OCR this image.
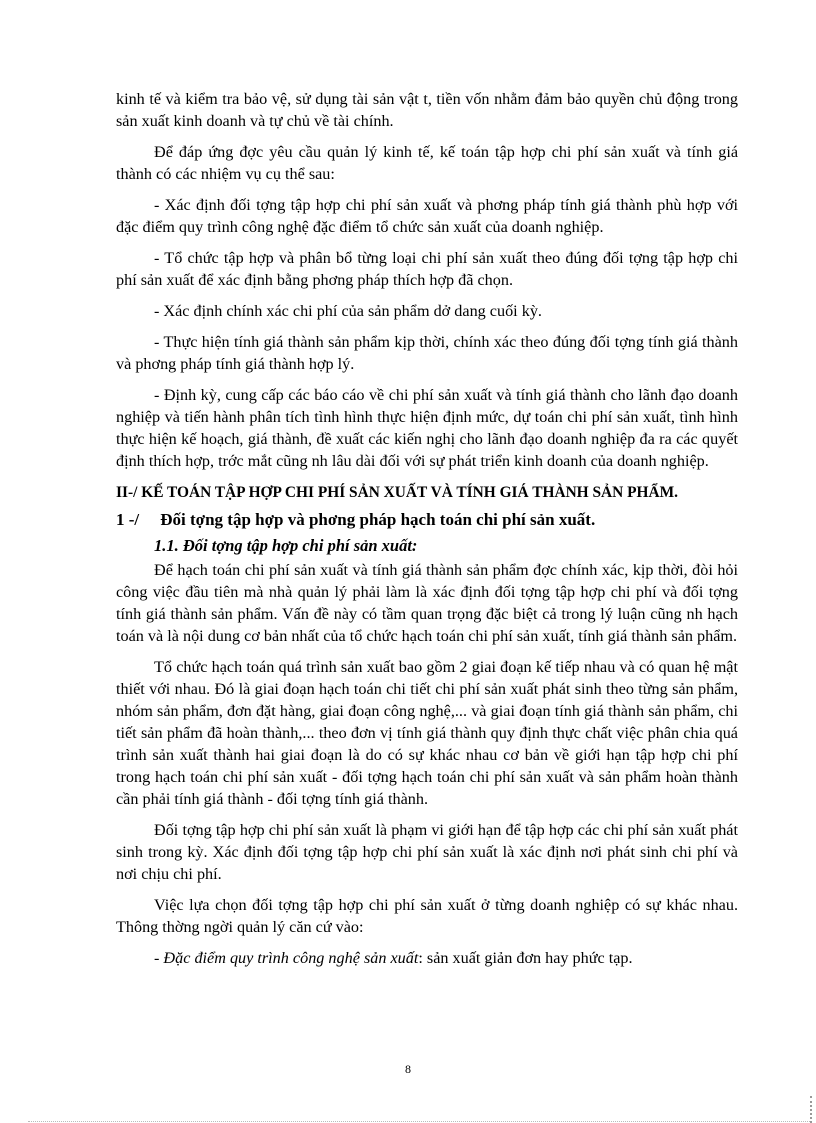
kinh tế và kiểm tra bảo vệ, sử dụng tài sản vật t, tiền vốn nhằm đảm bảo quyền chủ động trong sản xuất kinh doanh và tự chủ về tài chính.

Để đáp ứng đợc yêu cầu quản lý kinh tế, kế toán tập hợp chi phí sản xuất và tính giá thành có các nhiệm vụ cụ thể sau:

- Xác định đối tợng tập hợp chi phí sản xuất và phơng pháp tính giá thành phù hợp với đặc điểm quy trình công nghệ đặc điểm tổ chức sản xuất của doanh nghiệp.

- Tổ chức tập hợp và phân bổ từng loại chi phí sản xuất theo đúng đối tợng tập hợp chi phí sản xuất để xác định bằng phơng pháp thích hợp đã chọn.

- Xác định chính xác chi phí của sản phẩm dở dang cuối kỳ.

- Thực hiện tính giá thành sản phẩm kịp thời, chính xác theo đúng đối tợng tính giá thành và phơng pháp tính giá thành hợp lý.

- Định kỳ, cung cấp các báo cáo về chi phí sản xuất và tính giá thành cho lãnh đạo doanh nghiệp và tiến hành phân tích tình hình thực hiện định mức, dự toán chi phí sản xuất, tình hình thực hiện kế hoạch, giá thành, đề xuất các kiến nghị cho lãnh đạo doanh nghiệp đa ra các quyết định thích hợp, trớc mắt cũng nh lâu dài đối với sự phát triển kinh doanh của doanh nghiệp.

II-/ KẾ TOÁN TẬP HỢP CHI PHÍ SẢN XUẤT VÀ TÍNH GIÁ THÀNH SẢN PHẨM.
1 -/ Đối tợng tập hợp và phơng pháp hạch toán chi phí sản xuất.
1.1. Đối tợng tập hợp chi phí sản xuất:

Để hạch toán chi phí sản xuất và tính giá thành sản phẩm đợc chính xác, kịp thời, đòi hỏi công việc đầu tiên mà nhà quản lý phải làm là xác định đối tợng tập hợp chi phí và đối tợng tính giá thành sản phẩm. Vấn đề này có tầm quan trọng đặc biệt cả trong lý luận cũng nh hạch toán và là nội dung cơ bản nhất của tổ chức hạch toán chi phí sản xuất, tính giá thành sản phẩm.

Tổ chức hạch toán quá trình sản xuất bao gồm 2 giai đoạn kế tiếp nhau và có quan hệ mật thiết với nhau. Đó là giai đoạn hạch toán chi tiết chi phí sản xuất phát sinh theo từng sản phẩm, nhóm sản phẩm, đơn đặt hàng, giai đoạn công nghệ,... và giai đoạn tính giá thành sản phẩm, chi tiết sản phẩm đã hoàn thành,... theo đơn vị tính giá thành quy định thực chất việc phân chia quá trình sản xuất thành hai giai đoạn là do có sự khác nhau cơ bản về giới hạn tập hợp chi phí trong hạch toán chi phí sản xuất - đối tợng hạch toán chi phí sản xuất và sản phẩm hoàn thành cần phải tính giá thành - đối tợng tính giá thành.

Đối tợng tập hợp chi phí sản xuất là phạm vi giới hạn để tập hợp các chi phí sản xuất phát sinh trong kỳ. Xác định đối tợng tập hợp chi phí sản xuất là xác định nơi phát sinh chi phí và nơi chịu chi phí.

Việc lựa chọn đối tợng tập hợp chi phí sản xuất ở từng doanh nghiệp có sự khác nhau. Thông thờng ngời quản lý căn cứ vào:

- Đặc điểm quy trình công nghệ sản xuất: sản xuất giản đơn hay phức tạp.

8
